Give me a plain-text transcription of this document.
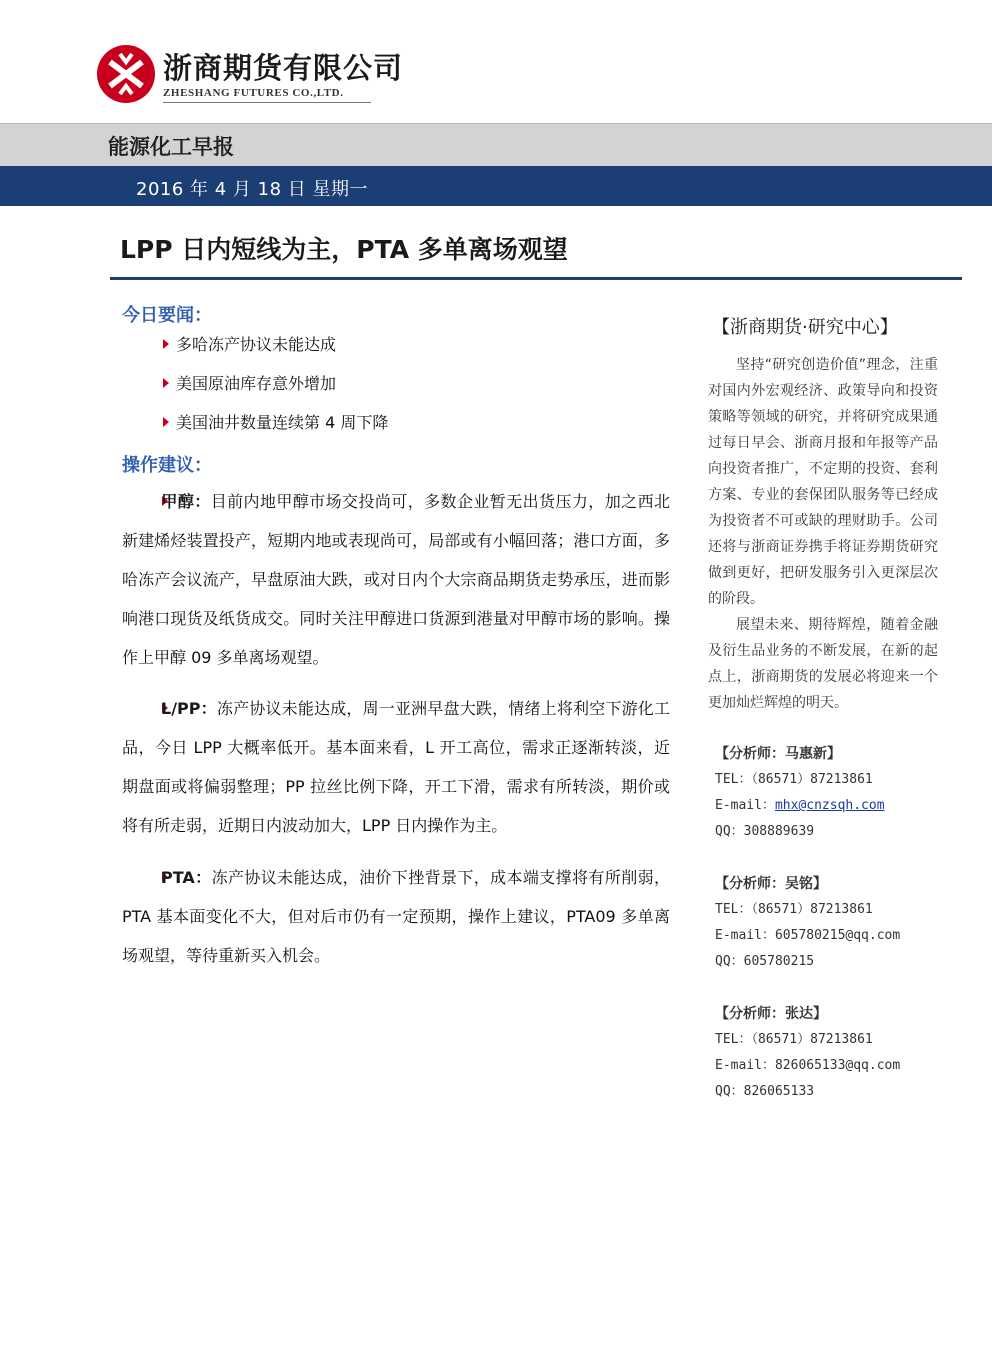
浙商期货有限公司
ZHESHANG FUTURES CO.,LTD.
能源化工早报
2016 年 4 月 18 日 星期一
LPP 日内短线为主，PTA 多单离场观望
今日要闻：
多哈冻产协议未能达成
美国原油库存意外增加
美国油井数量连续第 4 周下降
操作建议：

甲醇：目前内地甲醇市场交投尚可，多数企业暂无出货压力，加之西北新建烯烃装置投产，短期内地或表现尚可，局部或有小幅回落；港口方面，多哈冻产会议流产，早盘原油大跌，或对日内个大宗商品期货走势承压，进而影响港口现货及纸货成交。同时关注甲醇进口货源到港量对甲醇市场的影响。操作上甲醇 09 多单离场观望。

L/PP：冻产协议未能达成，周一亚洲早盘大跌，情绪上将利空下游化工品，今日 LPP 大概率低开。基本面来看，L 开工高位，需求正逐渐转淡，近期盘面或将偏弱整理；PP 拉丝比例下降，开工下滑，需求有所转淡，期价或将有所走弱，近期日内波动加大，LPP 日内操作为主。

PTA：冻产协议未能达成，油价下挫背景下，成本端支撑将有所削弱，PTA 基本面变化不大，但对后市仍有一定预期，操作上建议，PTA09 多单离场观望，等待重新买入机会。

【浙商期货·研究中心】

坚持“研究创造价值”理念，注重对国内外宏观经济、政策导向和投资策略等领域的研究，并将研究成果通过每日早会、浙商月报和年报等产品向投资者推广，不定期的投资、套利方案、专业的套保团队服务等已经成为投资者不可或缺的理财助手。公司还将与浙商证券携手将证券期货研究做到更好，把研发服务引入更深层次的阶段。

展望未来、期待辉煌，随着金融及衍生品业务的不断发展，在新的起点上，浙商期货的发展必将迎来一个更加灿烂辉煌的明天。

【分析师：马惠新】
TEL：（86571）87213861
E-mail：mhx@cnzsqh.com
QQ：308889639
【分析师：吴铭】
TEL：（86571）87213861
E-mail：605780215@qq.com
QQ：605780215
【分析师：张达】
TEL：（86571）87213861
E-mail：826065133@qq.com
QQ：826065133
